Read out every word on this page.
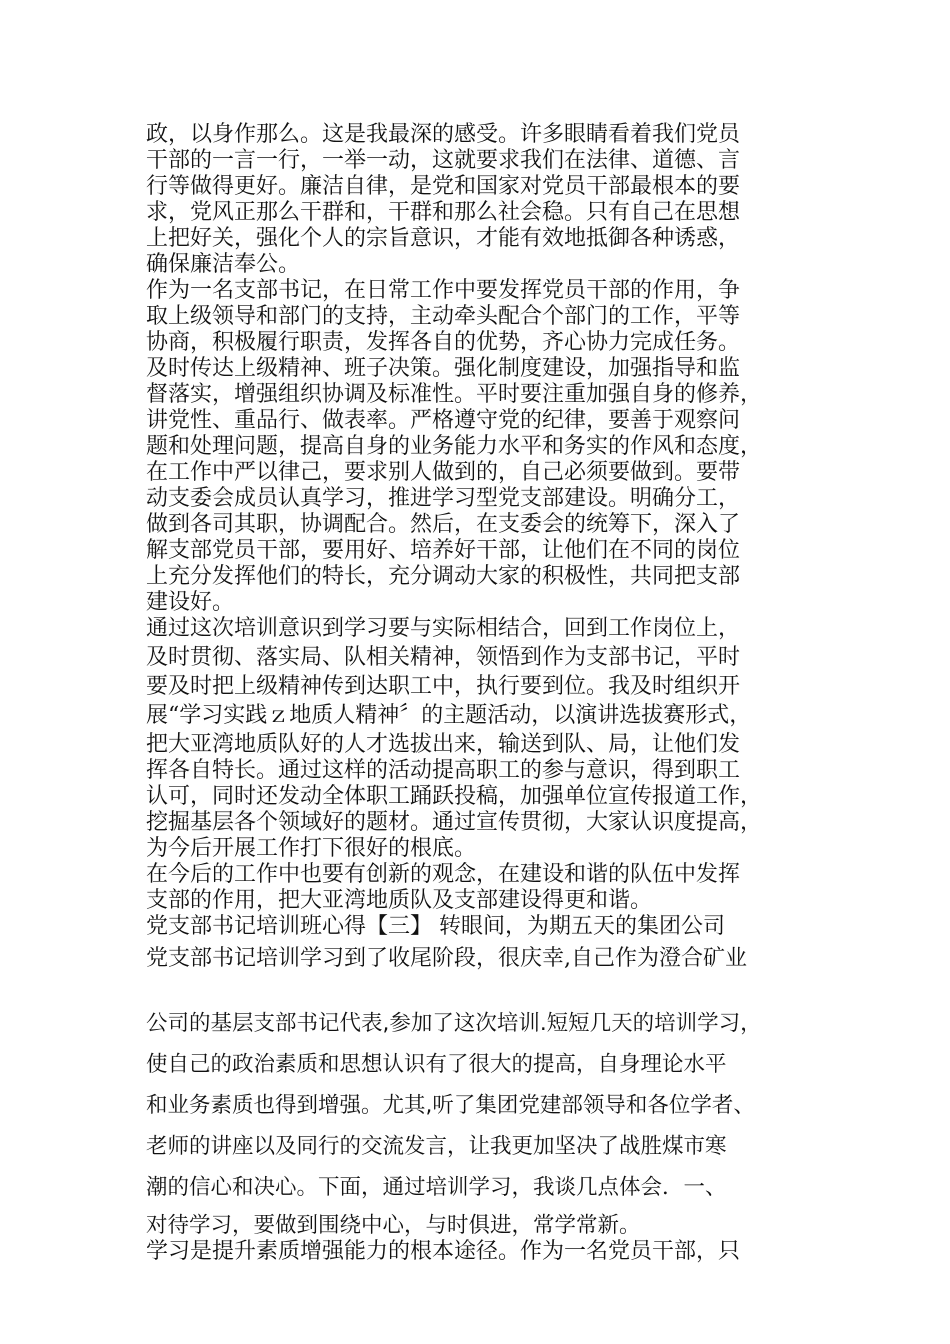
政，以身作那么。这是我最深的感受。许多眼睛看着我们党员
干部的一言一行，一举一动，这就要求我们在法律、道德、言
行等做得更好。廉洁自律，是党和国家对党员干部最根本的要
求，党风正那么干群和，干群和那么社会稳。只有自己在思想
上把好关，强化个人的宗旨意识，才能有效地抵御各种诱惑，
确保廉洁奉公。
作为一名支部书记，在日常工作中要发挥党员干部的作用，争
取上级领导和部门的支持，主动牵头配合个部门的工作，平等
协商，积极履行职责，发挥各自的优势，齐心协力完成任务。
及时传达上级精神、班子决策。强化制度建设，加强指导和监
督落实，增强组织协调及标准性。平时要注重加强自身的修养，
讲党性、重品行、做表率。严格遵守党的纪律，要善于观察问
题和处理问题，提高自身的业务能力水平和务实的作风和态度，
在工作中严以律己，要求别人做到的，自己必须要做到。要带
动支委会成员认真学习，推进学习型党支部建设。明确分工，
做到各司其职，协调配合。然后，在支委会的统筹下，深入了
解支部党员干部，要用好、培养好干部，让他们在不同的岗位
上充分发挥他们的特长，充分调动大家的积极性，共同把支部
建设好。
通过这次培训意识到学习要与实际相结合，回到工作岗位上，
及时贯彻、落实局、队相关精神，领悟到作为支部书记，平时
要及时把上级精神传到达职工中，执行要到位。我及时组织开
展“学习实践ｚ地质人精神〞的主题活动，以演讲选拔赛形式，
把大亚湾地质队好的人才选拔出来，输送到队、局，让他们发
挥各自特长。通过这样的活动提高职工的参与意识，得到职工
认可，同时还发动全体职工踊跃投稿，加强单位宣传报道工作，
挖掘基层各个领域好的题材。通过宣传贯彻，大家认识度提高，
为今后开展工作打下很好的根底。
在今后的工作中也要有创新的观念，在建设和谐的队伍中发挥
支部的作用，把大亚湾地质队及支部建设得更和谐。
党支部书记培训班心得【三】 转眼间，为期五天的集团公司
党支部书记培训学习到了收尾阶段，很庆幸,自己作为澄合矿业
公司的基层支部书记代表,参加了这次培训.短短几天的培训学习，
使自己的政治素质和思想认识有了很大的提高，自身理论水平
和业务素质也得到增强。尤其,听了集团党建部领导和各位学者、
老师的讲座以及同行的交流发言，让我更加坚决了战胜煤市寒
潮的信心和决心。下面，通过培训学习，我谈几点体会．一、
对待学习，要做到围绕中心，与时俱进，常学常新。
学习是提升素质增强能力的根本途径。作为一名党员干部，只
